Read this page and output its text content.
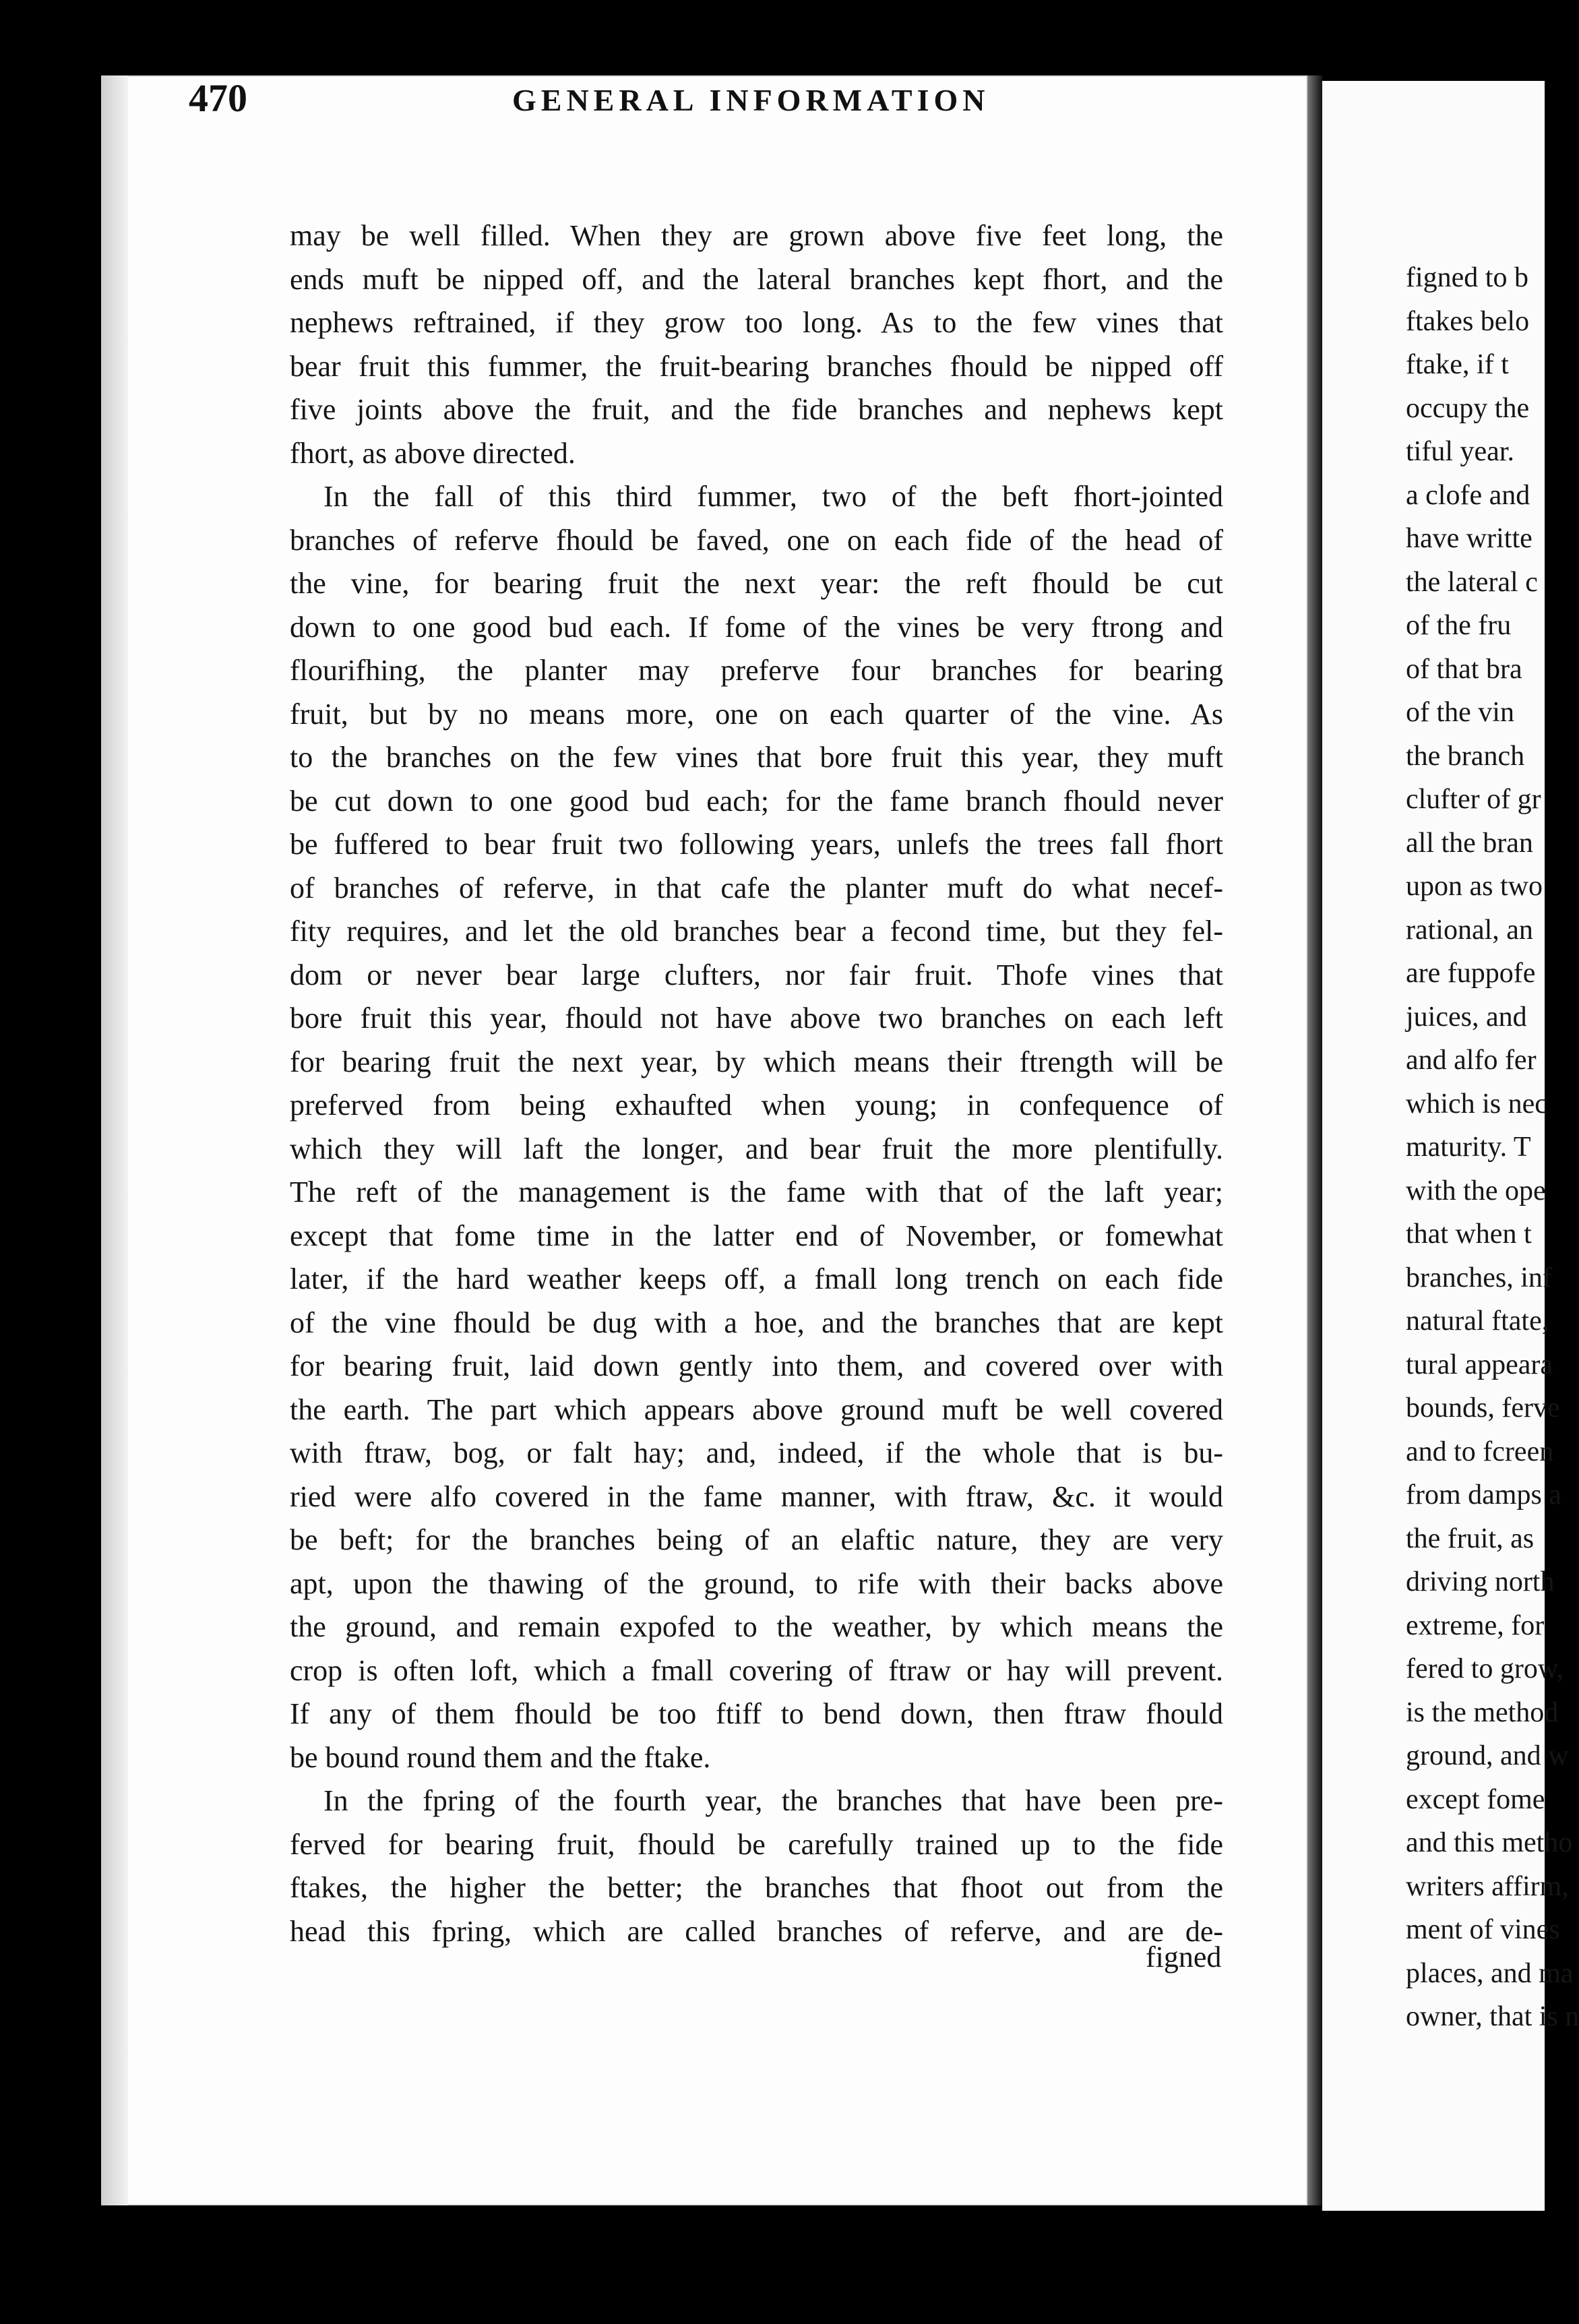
470	GENERAL INFORMATION
may be well filled. When they are grown above five feet long, the
ends muft be nipped off, and the lateral branches kept fhort, and the
nephews reftrained, if they grow too long. As to the few vines that
bear fruit this fummer, the fruit-bearing branches fhould be nipped off
five joints above the fruit, and the fide branches and nephews kept
fhort, as above directed.
In the fall of this third fummer, two of the beft fhort-jointed
branches of referve fhould be faved, one on each fide of the head of
the vine, for bearing fruit the next year: the reft fhould be cut
down to one good bud each. If fome of the vines be very ftrong and
flourifhing, the planter may preferve four branches for bearing
fruit, but by no means more, one on each quarter of the vine. As
to the branches on the few vines that bore fruit this year, they muft
be cut down to one good bud each; for the fame branch fhould never
be fuffered to bear fruit two following years, unlefs the trees fall fhort
of branches of referve, in that cafe the planter muft do what necef-
fity requires, and let the old branches bear a fecond time, but they fel-
dom or never bear large clufters, nor fair fruit. Thofe vines that
bore fruit this year, fhould not have above two branches on each left
for bearing fruit the next year, by which means their ftrength will be
preferved from being exhaufted when young; in confequence of
which they will laft the longer, and bear fruit the more plentifully.
The reft of the management is the fame with that of the laft year;
except that fome time in the latter end of November, or fomewhat
later, if the hard weather keeps off, a fmall long trench on each fide
of the vine fhould be dug with a hoe, and the branches that are kept
for bearing fruit, laid down gently into them, and covered over with
the earth. The part which appears above ground muft be well covered
with ftraw, bog, or falt hay; and, indeed, if the whole that is bu-
ried were alfo covered in the fame manner, with ftraw, &c. it would
be beft; for the branches being of an elaftic nature, they are very
apt, upon the thawing of the ground, to rife with their backs above
the ground, and remain expofed to the weather, by which means the
crop is often loft, which a fmall covering of ftraw or hay will prevent.
If any of them fhould be too ftiff to bend down, then ftraw fhould
be bound round them and the ftake.
In the fpring of the fourth year, the branches that have been pre-
ferved for bearing fruit, fhould be carefully trained up to the fide
ftakes, the higher the better; the branches that fhoot out from the
head this fpring, which are called branches of referve, and are de-
figned
figned to b
ftakes belo
ftake, if t
occupy the
tiful year.
a clofe and
have writte
the lateral c
of the fru
of that bra
of the vin
the branch
clufter of gr
all the bran
upon as two
rational, an
are fuppofe
juices, and
and alfo fer
which is nec
maturity. T
with the ope
that when t
branches, inf
natural ftate,
tural appeara
bounds, ferve
and to fcreen
from damps a
the fruit, as
driving north
extreme, for
fered to grow,
is the method
ground, and w
except fome
and this metho
writers affirm,
ment of vines
places, and ma
owner, that is n
